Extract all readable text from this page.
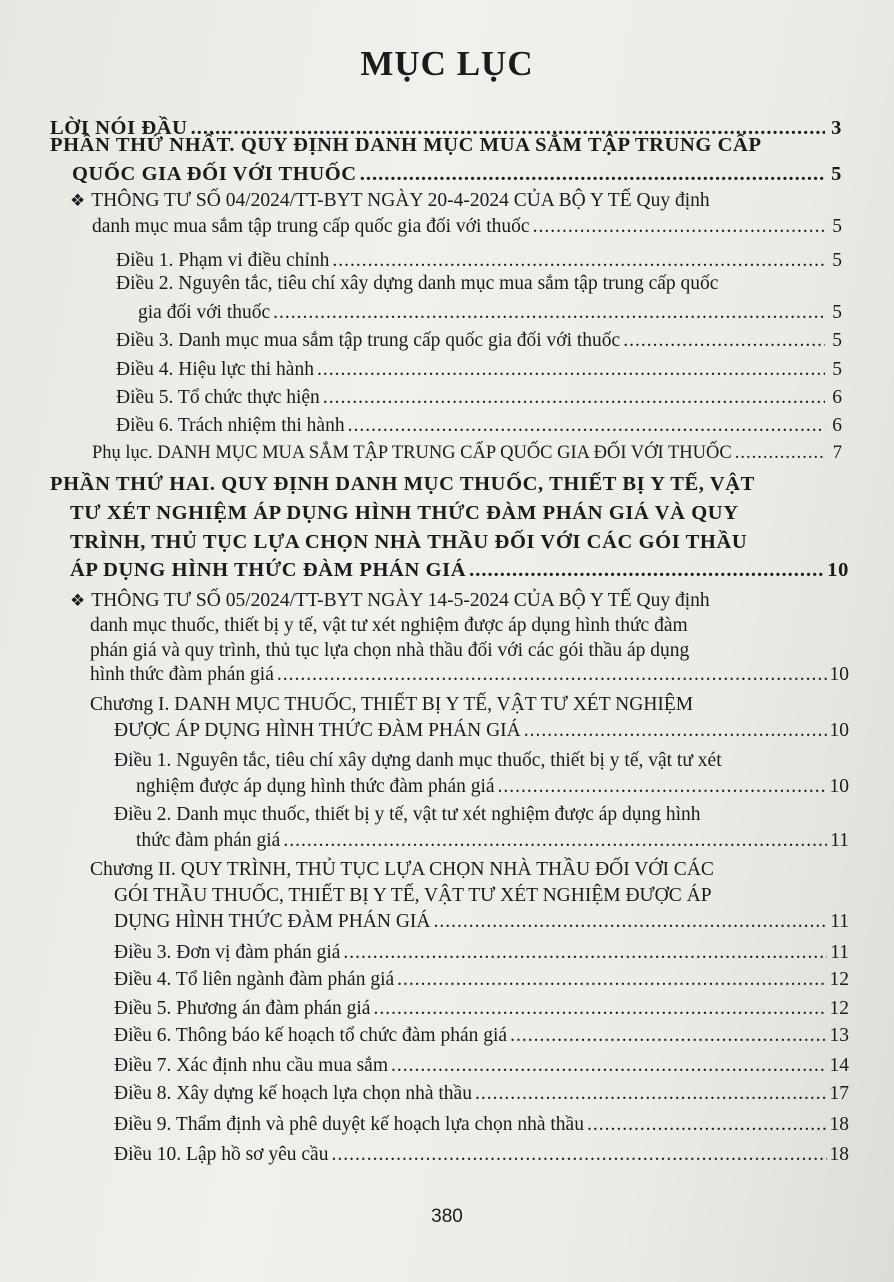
MỤC LỤC
LỜI NÓI ĐẦU .....	3
PHẦN THỨ NHẤT. QUY ĐỊNH DANH MỤC MUA SẮM TẬP TRUNG CẤP
QUỐC GIA ĐỐI VỚI THUỐC .....	5
❖ THÔNG TƯ SỐ 04/2024/TT-BYT NGÀY 20-4-2024 CỦA BỘ Y TẾ Quy định
danh mục mua sắm tập trung cấp quốc gia đối với thuốc .....	5
Điều 1. Phạm vi điều chỉnh .....	5
Điều 2. Nguyên tắc, tiêu chí xây dựng danh mục mua sắm tập trung cấp quốc
gia đối với thuốc .....	5
Điều 3. Danh mục mua sắm tập trung cấp quốc gia đối với thuốc .....	5
Điều 4. Hiệu lực thi hành .....	5
Điều 5. Tổ chức thực hiện .....	6
Điều 6. Trách nhiệm thi hành .....	6
Phụ lục. DANH MỤC MUA SẮM TẬP TRUNG CẤP QUỐC GIA ĐỐI VỚI THUỐC .....	7
PHẦN THỨ HAI. QUY ĐỊNH DANH MỤC THUỐC, THIẾT BỊ Y TẾ, VẬT
TƯ XÉT NGHIỆM ÁP DỤNG HÌNH THỨC ĐÀM PHÁN GIÁ VÀ QUY
TRÌNH, THỦ TỤC LỰA CHỌN NHÀ THẦU ĐỐI VỚI CÁC GÓI THẦU
ÁP DỤNG HÌNH THỨC ĐÀM PHÁN GIÁ .....	10
❖ THÔNG TƯ SỐ 05/2024/TT-BYT NGÀY 14-5-2024 CỦA BỘ Y TẾ Quy định
danh mục thuốc, thiết bị y tế, vật tư xét nghiệm được áp dụng hình thức đàm
phán giá và quy trình, thủ tục lựa chọn nhà thầu đối với các gói thầu áp dụng
hình thức đàm phán giá .....	10
Chương I. DANH MỤC THUỐC, THIẾT BỊ Y TẾ, VẬT TƯ XÉT NGHIỆM
ĐƯỢC ÁP DỤNG HÌNH THỨC ĐÀM PHÁN GIÁ .....	10
Điều 1. Nguyên tắc, tiêu chí xây dựng danh mục thuốc, thiết bị y tế, vật tư xét
nghiệm được áp dụng hình thức đàm phán giá .....	10
Điều 2. Danh mục thuốc, thiết bị y tế, vật tư xét nghiệm được áp dụng hình
thức đàm phán giá .....	11
Chương II. QUY TRÌNH, THỦ TỤC LỰA CHỌN NHÀ THẦU ĐỐI VỚI CÁC
GÓI THẦU THUỐC, THIẾT BỊ Y TẾ, VẬT TƯ XÉT NGHIỆM ĐƯỢC ÁP
DỤNG HÌNH THỨC ĐÀM PHÁN GIÁ .....	11
Điều 3. Đơn vị đàm phán giá .....	11
Điều 4. Tổ liên ngành đàm phán giá .....	12
Điều 5. Phương án đàm phán giá .....	12
Điều 6. Thông báo kế hoạch tổ chức đàm phán giá .....	13
Điều 7. Xác định nhu cầu mua sắm .....	14
Điều 8. Xây dựng kế hoạch lựa chọn nhà thầu .....	17
Điều 9. Thẩm định và phê duyệt kế hoạch lựa chọn nhà thầu .....	18
Điều 10. Lập hồ sơ yêu cầu .....	18
380
